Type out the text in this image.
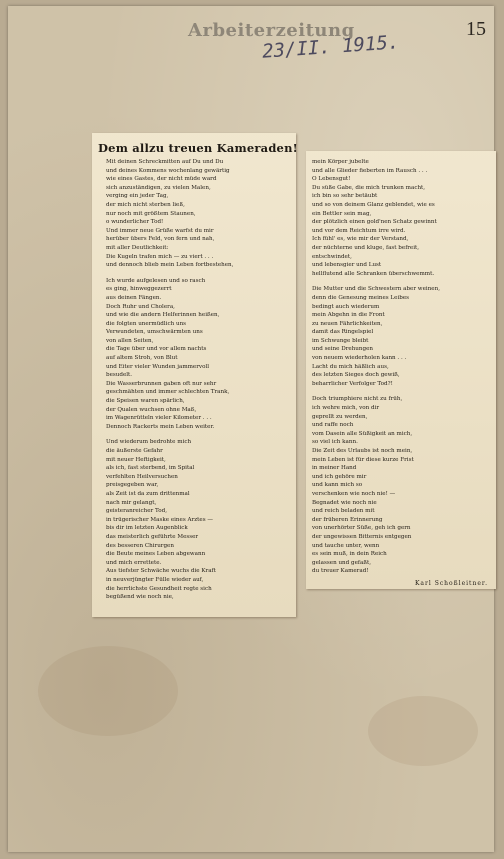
Arbeiterzeitung	15
23/II. 1915.
Dem allzu treuen Kameraden!
Mit deinen Schreckmitten auf Du und Du
und deines Kommens wochenlang gewärtig
wie eines Gastes, der nicht müde ward
sich anzuständigen, zu vielen Malen,
verging ein jeder Tag,
der mich nicht sterben ließ,
nur noch mit größtem Staunen,
o wunderlicher Tod!
Und immer neue Grüße warfst du mir
herüber übers Feld, von fern und nah,
mit aller Deutlichkeit:
Die Kugeln trafen mich — zu viert . . .
und dennoch blieb mein Leben fortbestehen,
Ich wurde aufgelesen und so rasch
es ging, hinweggezerrt
aus deinen Fängen.
Doch Ruhr und Cholera,
und wie die andern Helferinnen heißen,
die folgten unermüdlich uns
Verwundeten, umschwärmten uns
von allen Seiten,
die Tage über und vor allem nachts
auf altem Stroh, von Blut
und Eiter vieler Wunden jammervoll
besudelt.
Die Wasserbrunnen gaben oft nur sehr
geschmähten und immer schlechten Trank,
die Speisen waren spärlich,
der Qualen wuchsen ohne Maß,
im Wagenrütteln vieler Kilometer . . .
Dennoch Rackerts mein Leben weiter.
Und wiederum bedrohte mich
die äußerste Gefahr
mit neuer Heftigkeit,
als ich, fast sterbend, im Spital
verfehlten Heilversuchen
preisgegeben war,
als Zeit ist da zum drittenmal
nach mir gelangt,
geisteranreicher Tod,
in trügerischer Maske eines Arztes —
bis dir im letzten Augenblick
das meisterlich geführte Messer
des besseren Chirurgen
die Beute meines Leben abgewann
und mich errettete.
Aus tiefster Schwäche wuchs die Kraft
in neuverjüngter Fülle wieder auf,
die herrlichste Gesundheit regte sich
begüßend wie noch nie,
mein Körper jubelte
und alle Glieder fieberten im Rausch . . .
O Lebensgut!
Du süße Gabe, die mich trunken macht,
ich bin so sehr betäubt
und so von deinem Glanz geblendet, wie es
ein Bettler sein mag,
der plötzlich einen gold'nen Schatz gewinnt
und vor dem Reichtum irre wird.
Ich fühl' es, wie mir der Verstand,
der nüchterne und kluge, fast befreit,
entschwindet,
und lebensgier und Lust
hellflutend alle Schranken überschwemmt.
Die Mutter und die Schwestern aber weinen,
denn die Genesung meines Leibes
bedingt auch wiederum
mein Abgehn in die Front
zu neuen Fährlichkeiten,
damit das Ringelspiel
im Schwunge bleibt
und seine Drehungen
von neuem wiederholen kann . . .
Lacht du mich häßlich aus,
des letzten Sieges doch gewiß,
beharrlicher Verfolger Tod?!
Doch triumphiere nicht zu früh,
ich wehre mich, von dir
geprellt zu werden,
und raffe noch
vom Dasein alle Süßigkeit an mich,
so viel ich kann.
Die Zeit des Urlaubs ist noch mein,
mein Leben ist für diese kurze Frist
in meiner Hand
und ich gehöre mir
und kann mich so
verschenken wie noch nie! —
Begnadet wie noch nie
und reich beladen mit
der früheren Erinnerung
von unerhörter Süße, geh ich gern
der ungewissen Bitternis entgegen
und tauche unter, wenn
es sein muß, in dein Reich
gelassen und gefaßt,
du treuer Kamerad!
Karl Schoßleitner.
